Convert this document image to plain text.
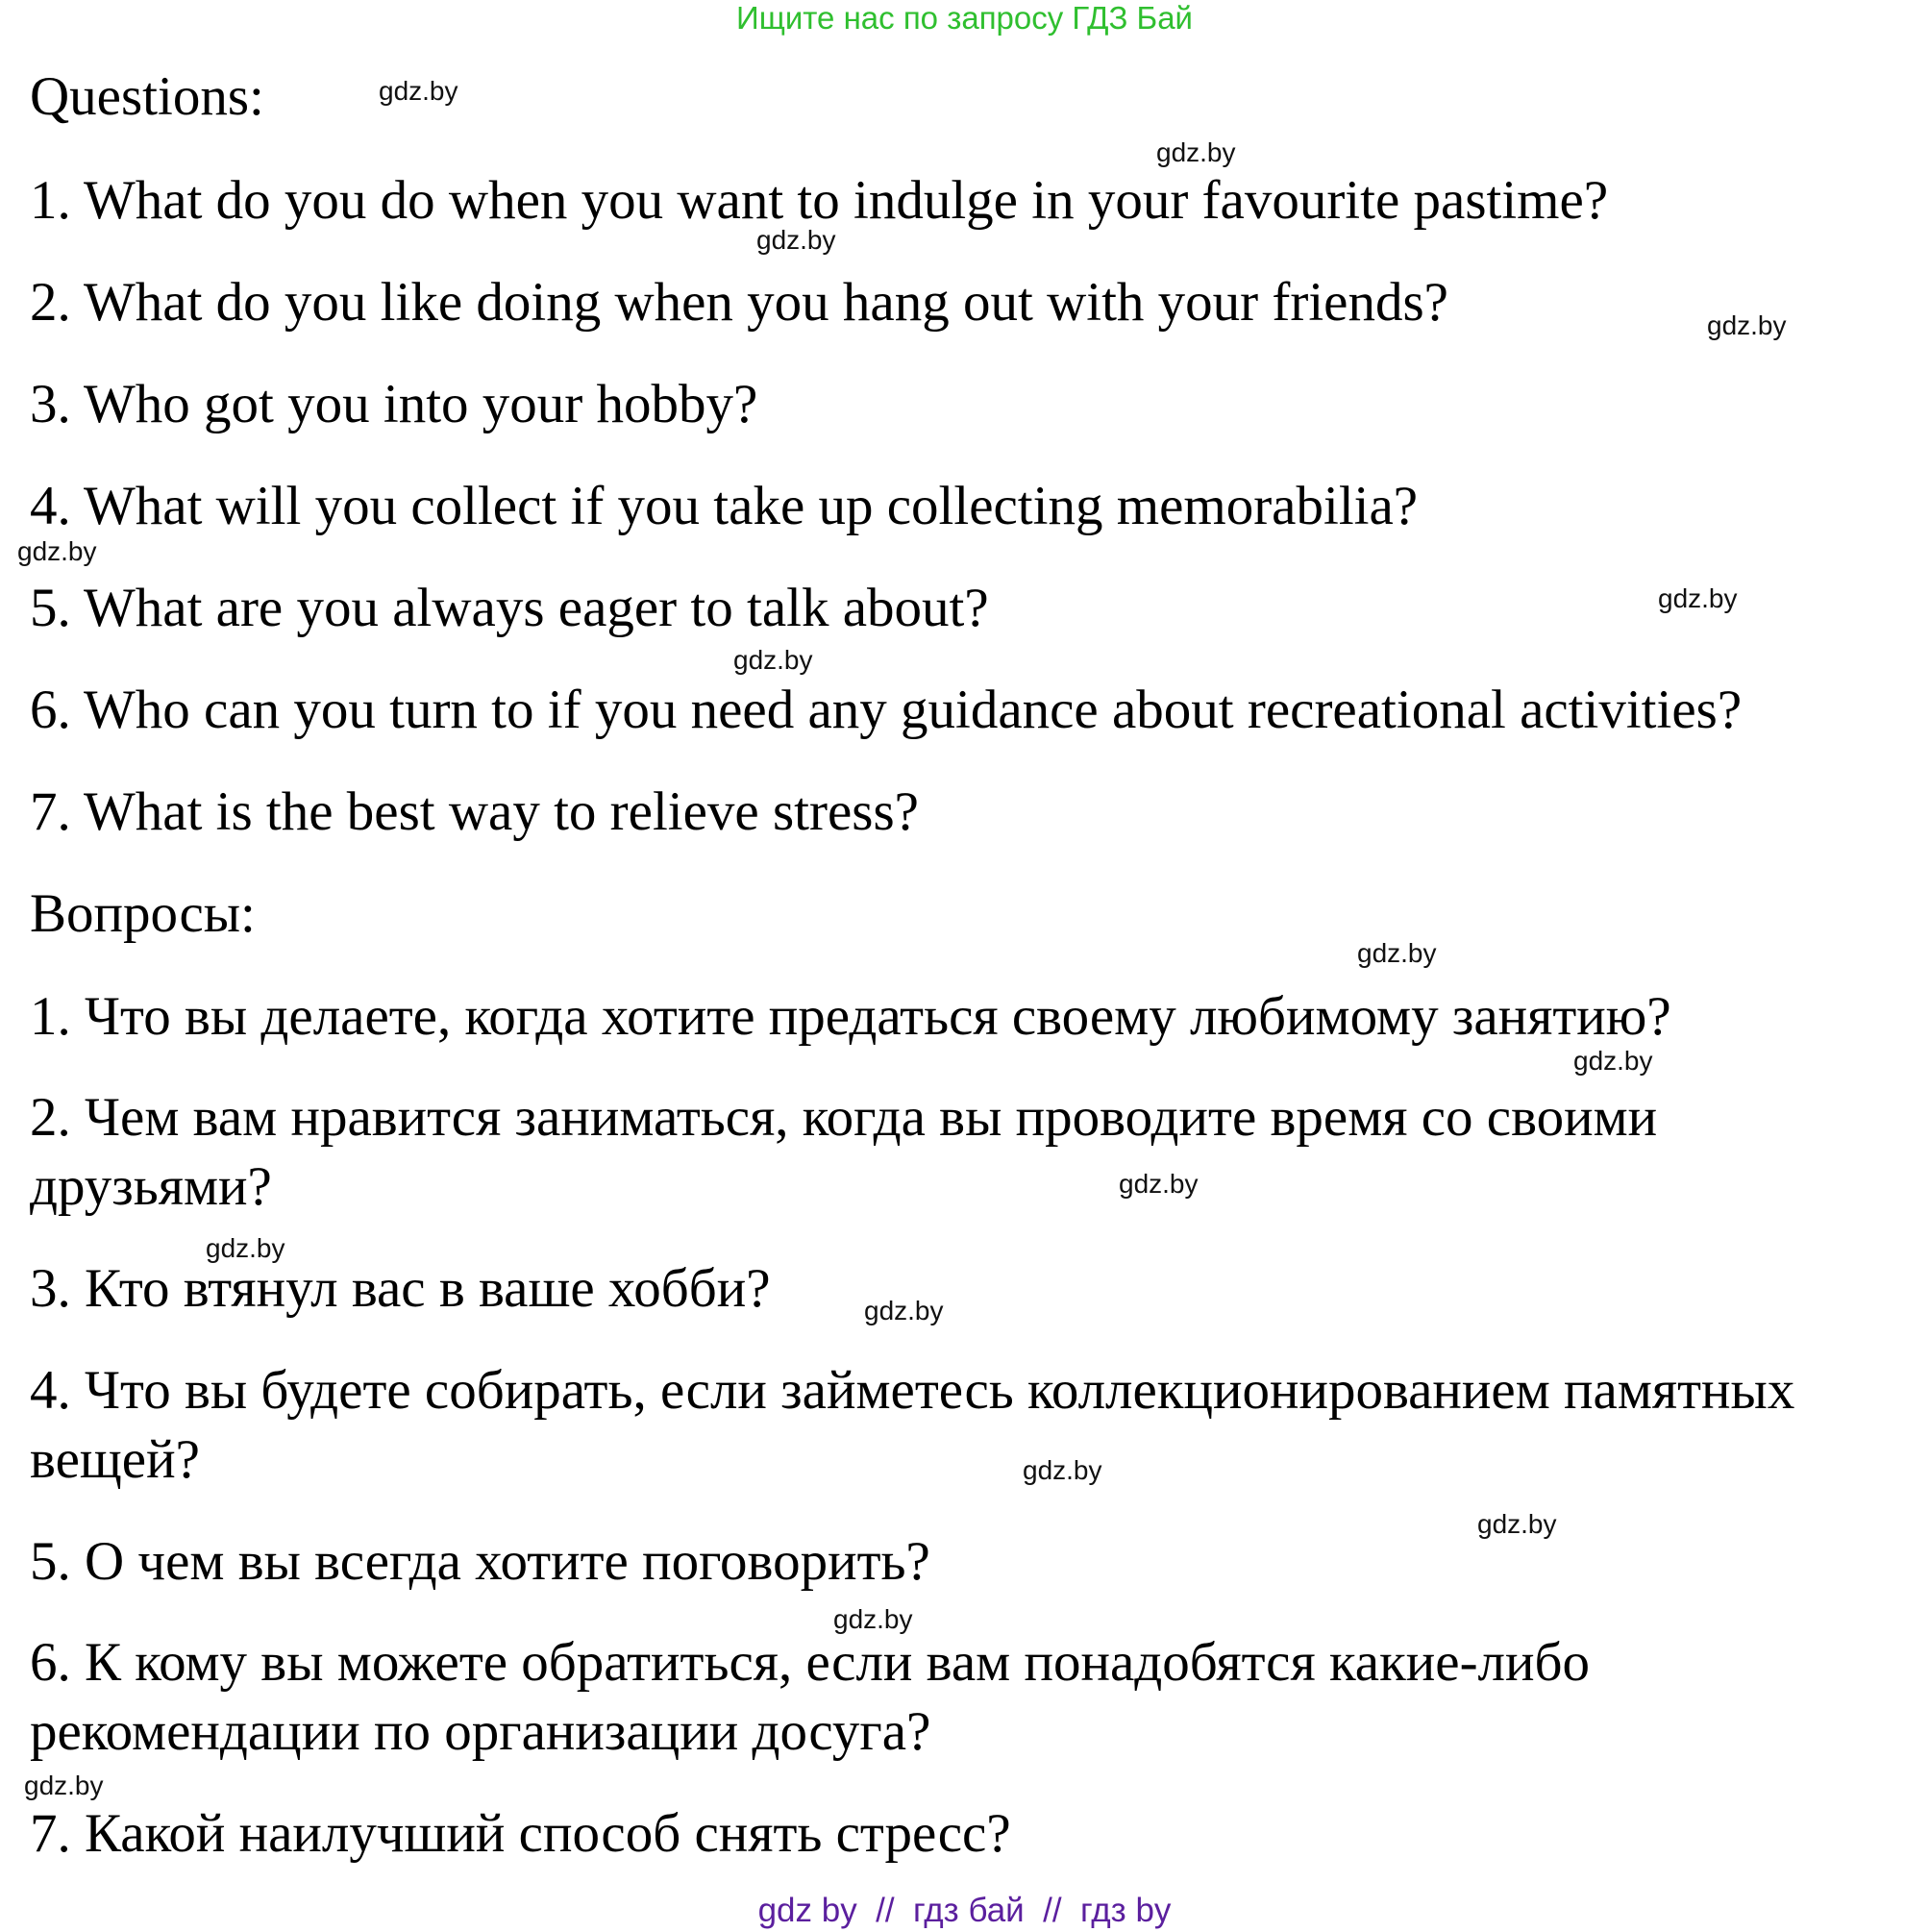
Ищите нас по запросу ГДЗ Бай
Questions:

1. What do you do when you want to indulge in your favourite pastime?

2. What do you like doing when you hang out with your friends?

3. Who got you into your hobby?

4. What will you collect if you take up collecting memorabilia?

5. What are you always eager to talk about?

6. Who can you turn to if you need any guidance about recreational activities?

7. What is the best way to relieve stress?

Вопросы:

1. Что вы делаете, когда хотите предаться своему любимому занятию?

2. Чем вам нравится заниматься, когда вы проводите время со своими

друзьями?

3. Кто втянул вас в ваше хобби?

4. Что вы будете собирать, если займетесь коллекционированием памятных

вещей?

5. О чем вы всегда хотите поговорить?

6. К кому вы можете обратиться, если вам понадобятся какие-либо

рекомендации по организации досуга?

7. Какой наилучший способ снять стресс?

gdz.by
gdz.by
gdz.by
gdz.by
gdz.by
gdz.by
gdz.by
gdz.by
gdz.by
gdz.by
gdz.by
gdz.by
gdz.by
gdz.by
gdz.by
gdz.by
gdz by  //  гдз бай  //  гдз by
